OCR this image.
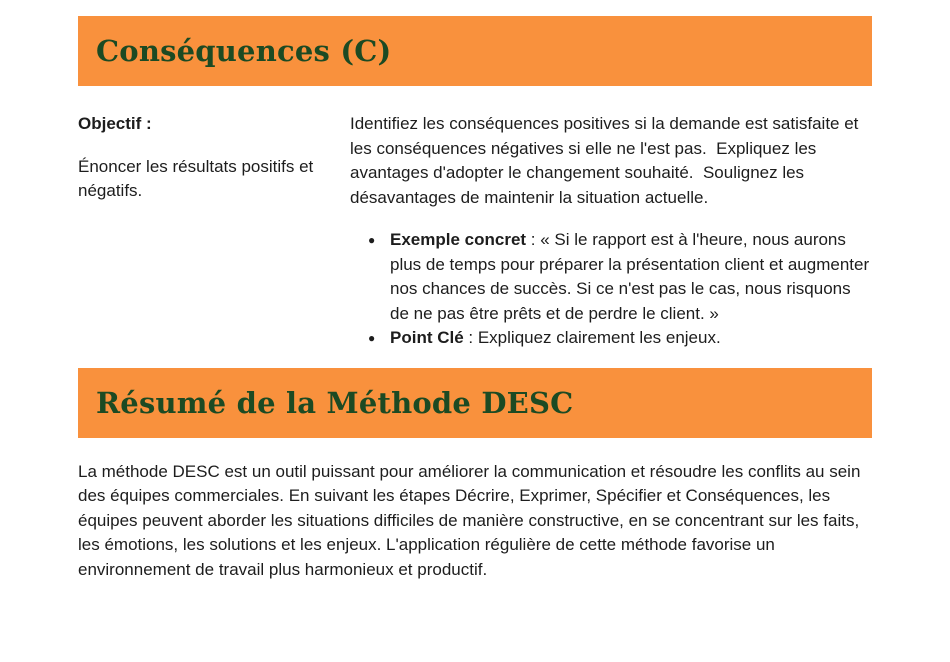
Conséquences (C)

Objectif :

Énoncer les résultats positifs et négatifs.

Identifiez les conséquences positives si la demande est satisfaite et les conséquences négatives si elle ne l'est pas.  Expliquez les avantages d'adopter le changement souhaité.  Soulignez les désavantages de maintenir la situation actuelle.

● Exemple concret : « Si le rapport est à l'heure, nous aurons plus de temps pour préparer la présentation client et augmenter nos chances de succès. Si ce n'est pas le cas, nous risquons de ne pas être prêts et de perdre le client. »
● Point Clé : Expliquez clairement les enjeux.
Résumé de la Méthode DESC

La méthode DESC est un outil puissant pour améliorer la communication et résoudre les conflits au sein des équipes commerciales. En suivant les étapes Décrire, Exprimer, Spécifier et Conséquences, les équipes peuvent aborder les situations difficiles de manière constructive, en se concentrant sur les faits, les émotions, les solutions et les enjeux. L'application régulière de cette méthode favorise un environnement de travail plus harmonieux et productif.
